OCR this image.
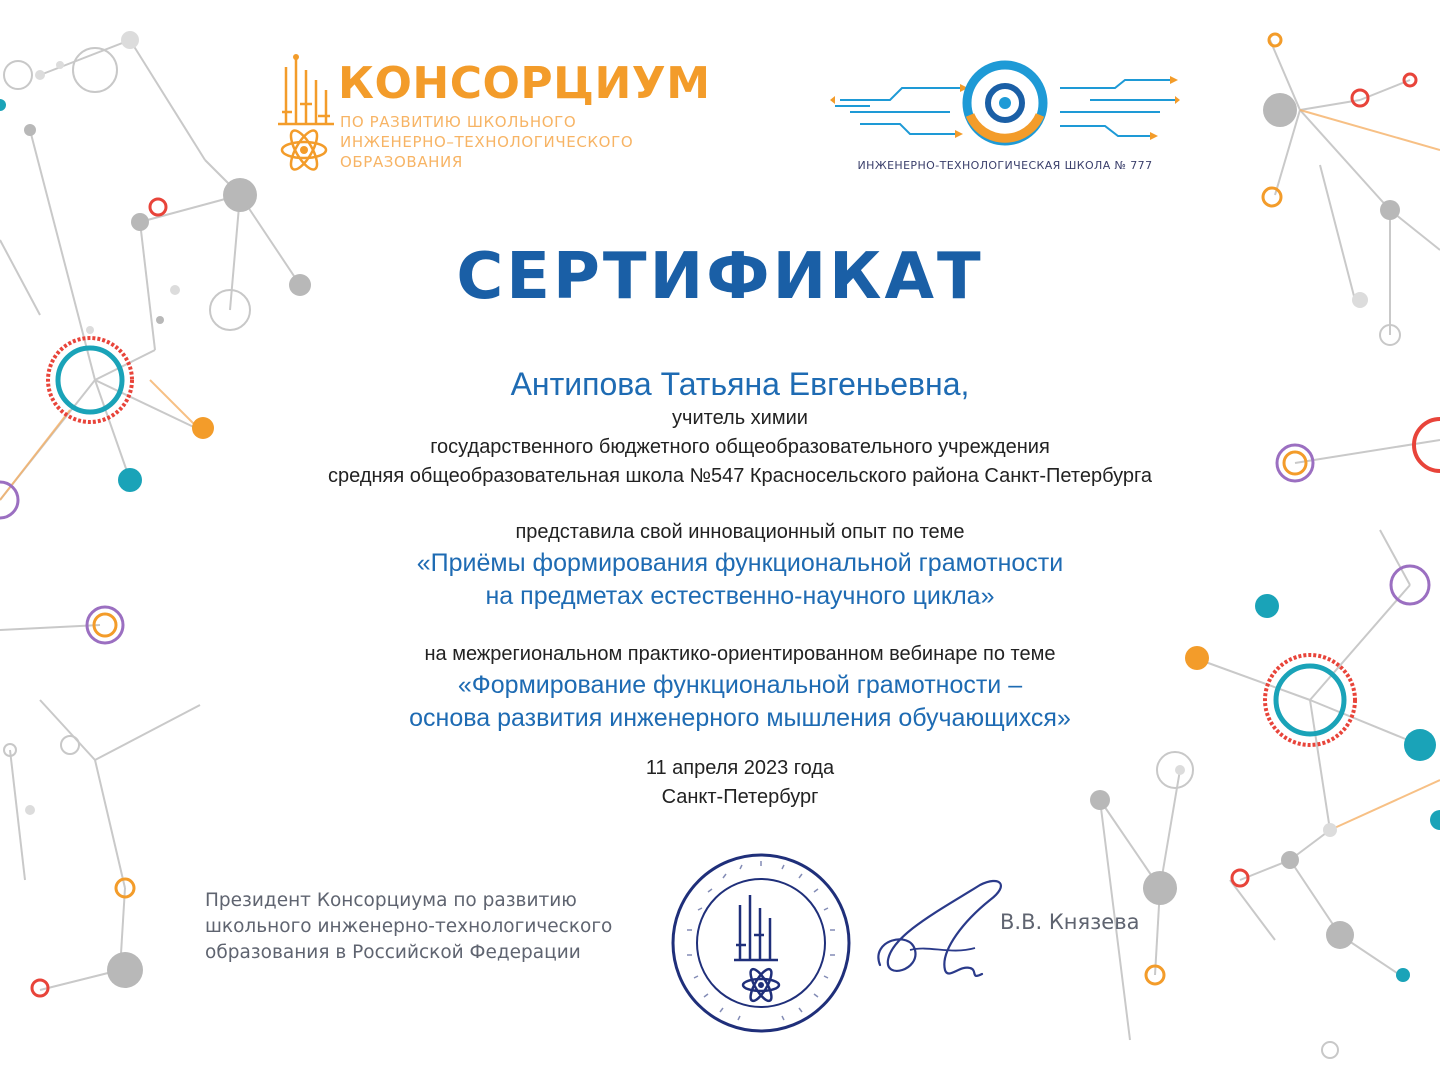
КОНСОРЦИУМ
ПО РАЗВИТИЮ ШКОЛЬНОГО
ИНЖЕНЕРНО–ТЕХНОЛОГИЧЕСКОГО
ОБРАЗОВАНИЯ	ИНЖЕНЕРНО-ТЕХНОЛОГИЧЕСКАЯ ШКОЛА № 777
СЕРТИФИКАТ
Антипова Татьяна Евгеньевна,
учитель химии
государственного бюджетного общеобразовательного учреждения
средняя общеобразовательная школа №547 Красносельского района Санкт-Петербурга
представила свой инновационный опыт по теме
«Приёмы формирования функциональной грамотности
на предметах естественно-научного цикла»
на межрегиональном практико-ориентированном вебинаре по теме
«Формирование функциональной грамотности –
основа развития инженерного мышления обучающихся»
11 апреля 2023 года
Санкт-Петербург
Президент Консорциума по развитию
школьного инженерно-технологического
образования в Российской Федерации
В.В. Князева
